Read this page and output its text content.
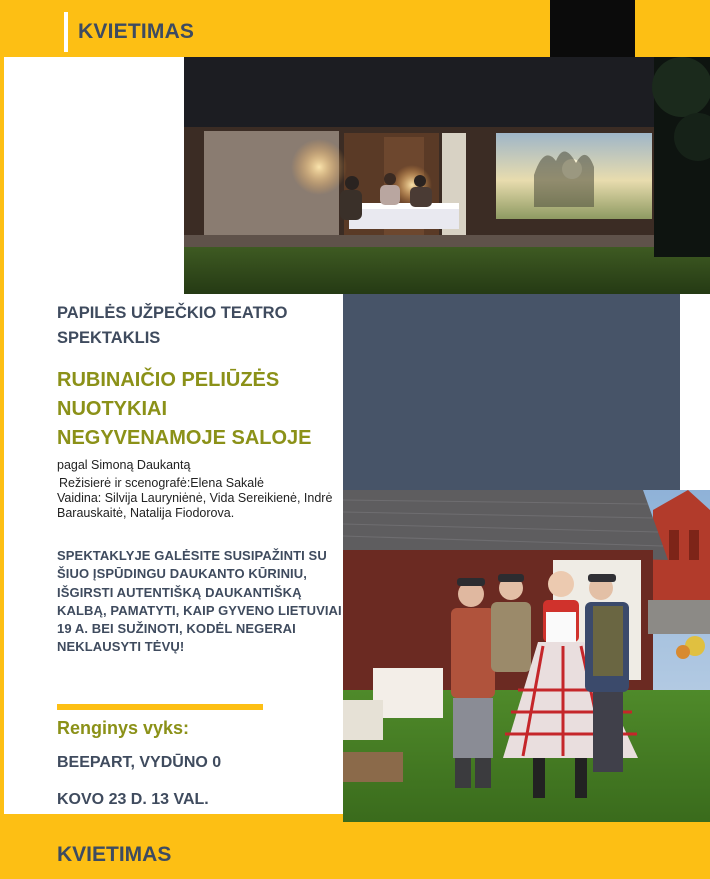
KVIETIMAS
PAPILĖS UŽPEČKIO TEATRO SPEKTAKLIS
RUBINAIČIO PELIŪZĖS
NUOTYKIAI
NEGYVENAMOJE SALOJE
pagal Simoną Daukantą
Režisierė ir scenografė:Elena Sakalė
Vaidina: Silvija Lauryniėnė, Vida Sereikienė, Indrė Barauskaitė, Natalija Fiodorova.
SPEKTAKLYJE GALĖSITE SUSIPAŽINTI SU ŠIUO ĮSPŪDINGU DAUKANTO KŪRINIU, IŠGIRSTI AUTENTIŠKĄ DAUKANTIŠKĄ KALBĄ, PAMATYTI, KAIP GYVENO LIETUVIAI 19 A. BEI SUŽINOTI, KODĖL NEGERAI NEKLAUSYTI TĖVŲ!
Renginys vyks:
BEEPART, VYDŪNO 0
KOVO 23 D. 13 VAL.
KVIETIMAS
